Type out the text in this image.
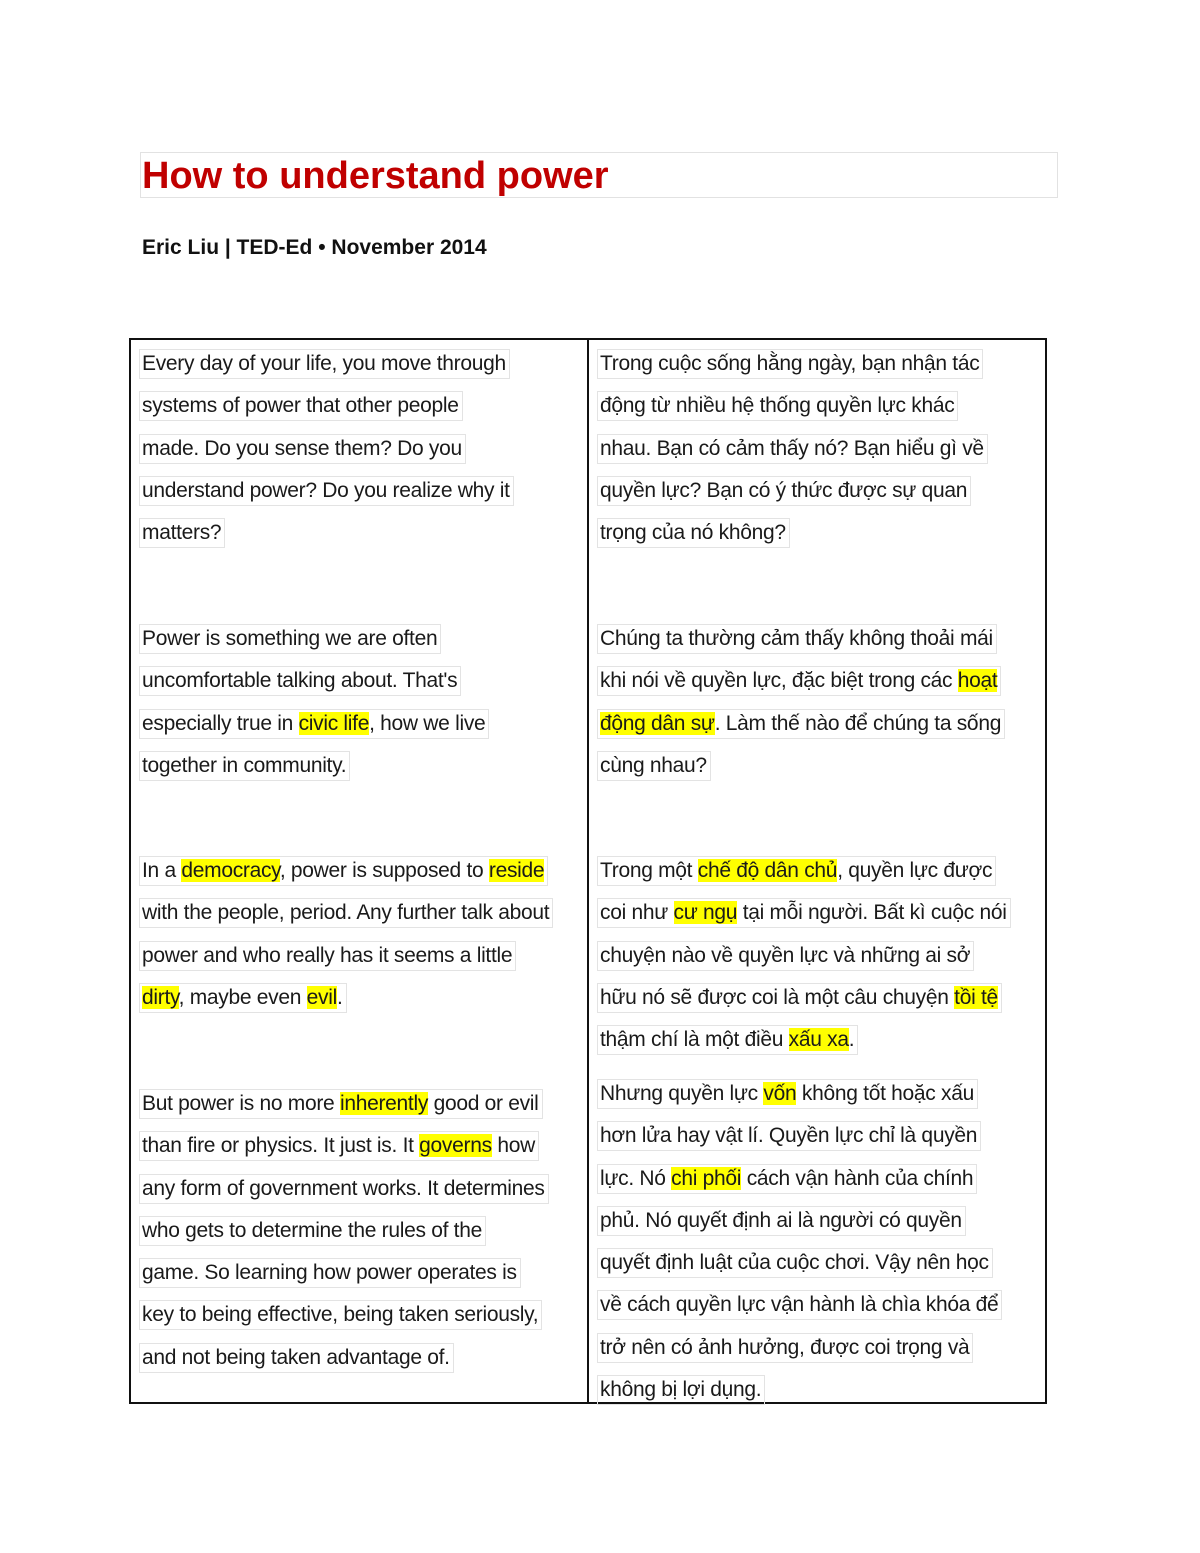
How to understand power
Eric Liu | TED-Ed • November 2014
Every day of your life, you move through
systems of power that other people
made. Do you sense them? Do you
understand power? Do you realize why it
matters?
Power is something we are often
uncomfortable talking about. That's
especially true in civic life, how we live
together in community.
In a democracy, power is supposed to reside
with the people, period. Any further talk about
power and who really has it seems a little
dirty, maybe even evil.
But power is no more inherently good or evil
than fire or physics. It just is. It governs how
any form of government works. It determines
who gets to determine the rules of the
game. So learning how power operates is
key to being effective, being taken seriously,
and not being taken advantage of.
Trong cuộc sống hằng ngày, bạn nhận tác
động từ nhiều hệ thống quyền lực khác
nhau. Bạn có cảm thấy nó? Bạn hiểu gì về
quyền lực? Bạn có ý thức được sự quan
trọng của nó không?
Chúng ta thường cảm thấy không thoải mái
khi nói về quyền lực, đặc biệt trong các hoạt
động dân sự. Làm thế nào để chúng ta sống
cùng nhau?
Trong một chế độ dân chủ, quyền lực được
coi như cư ngụ tại mỗi người. Bất kì cuộc nói
chuyện nào về quyền lực và những ai sở
hữu nó sẽ được coi là một câu chuyện tồi tệ
thậm chí là một điều xấu xa.
Nhưng quyền lực vốn không tốt hoặc xấu
hơn lửa hay vật lí. Quyền lực chỉ là quyền
lực. Nó chi phối cách vận hành của chính
phủ. Nó quyết định ai là người có quyền
quyết định luật của cuộc chơi. Vậy nên học
về cách quyền lực vận hành là chìa khóa để
trở nên có ảnh hưởng, được coi trọng và
không bị lợi dụng.
